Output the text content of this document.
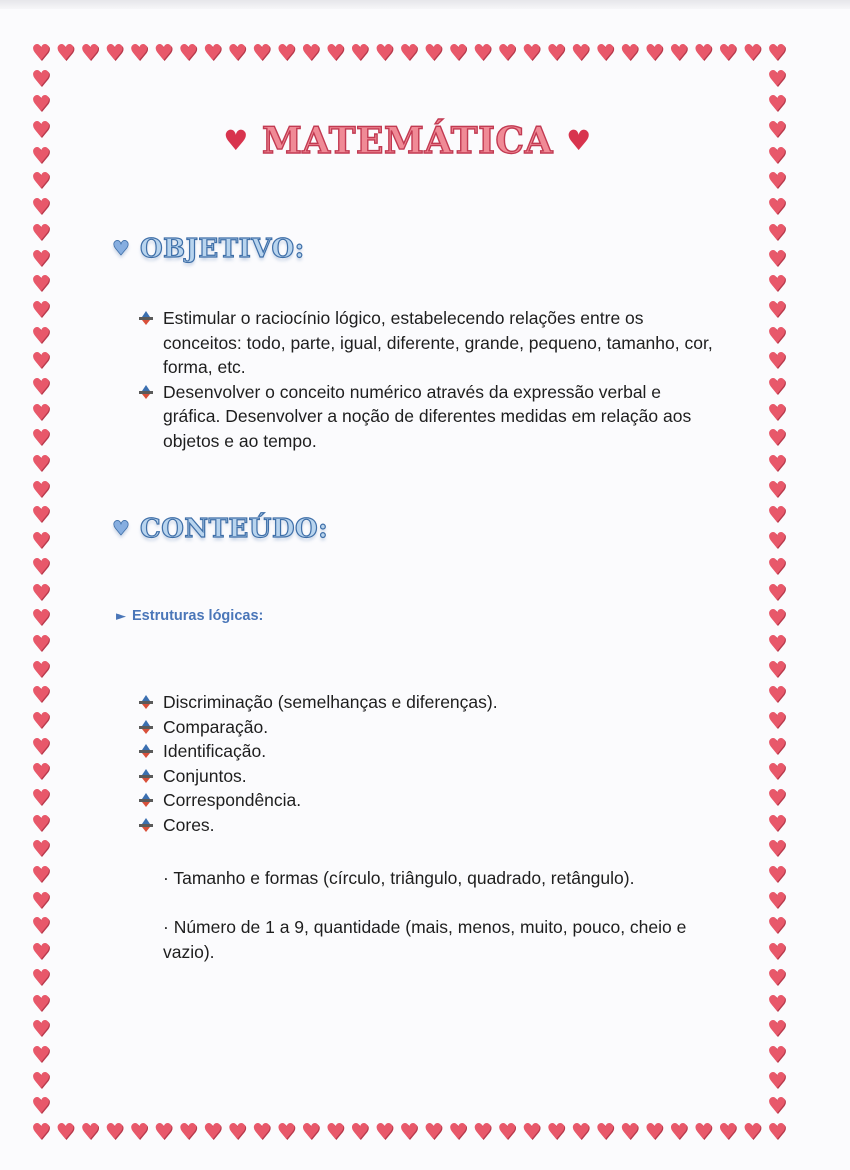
♥
♥
♥
♥
♥
♥
♥
♥
♥
♥
♥
♥
♥
♥
♥
♥
♥
♥
♥
♥
♥
♥
♥
♥
♥
♥
♥
♥
♥
♥
♥
♥
♥
♥
♥
♥
♥
♥
♥
♥
♥
♥
♥
♥
♥
♥
♥
♥
♥
♥
♥
♥
♥
♥
♥
♥
♥
♥
♥
♥
♥
♥
♥	♥
♥	♥
♥	♥
♥	♥
♥	♥
♥	♥
♥	♥
♥	♥
♥	♥
♥	♥
♥	♥
♥	♥
♥	♥
♥	♥
♥	♥
♥	♥
♥	♥
♥	♥
♥	♥
♥	♥
♥	♥
♥	♥
♥	♥
♥	♥
♥	♥
♥	♥
♥	♥
♥	♥
♥	♥
♥	♥
♥	♥
♥	♥
♥	♥
♥	♥
♥	♥
♥	♥
♥	♥
♥	♥
♥	♥
♥	♥
♥	♥
♥ MATEMÁTICA ♥
♥ OBJETIVO:
Estimular o raciocínio lógico, estabelecendo relações entre os conceitos: todo, parte, igual, diferente, grande, pequeno, tamanho, cor, forma, etc.
Desenvolver o conceito numérico através da expressão verbal e gráfica. Desenvolver a noção de diferentes medidas em relação aos objetos e ao tempo.
♥ CONTEÚDO:
► Estruturas lógicas:
Discriminação (semelhanças e diferenças).
Comparação.
Identificação.
Conjuntos.
Correspondência.
Cores.

· Tamanho e formas (círculo, triângulo, quadrado, retângulo).

· Número de 1 a 9, quantidade (mais, menos, muito, pouco, cheio e vazio).
